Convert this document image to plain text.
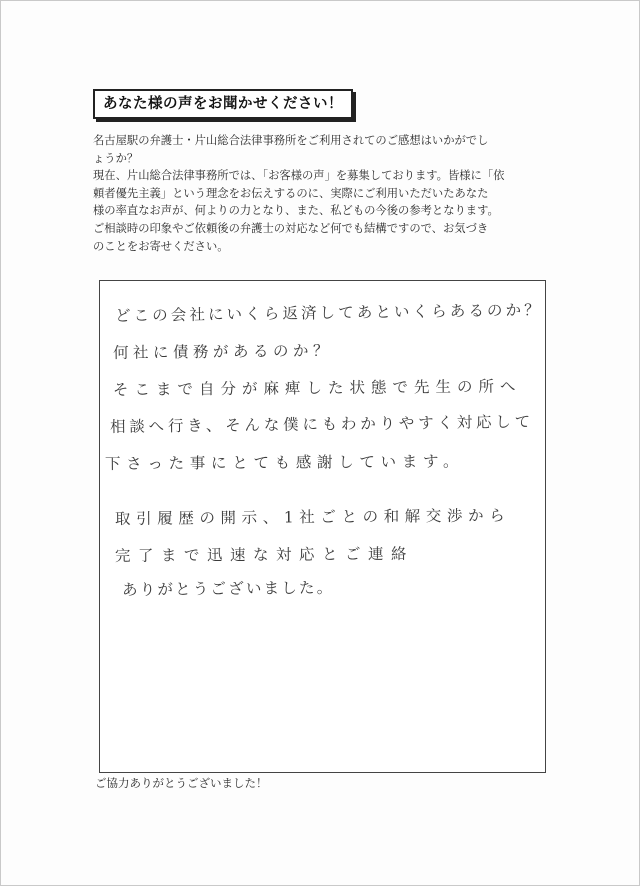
あなた様の声をお聞かせください！

名古屋駅の弁護士・片山総合法律事務所をご利用されてのご感想はいかがでし
ょうか？
現在、片山総合法律事務所では、「お客様の声」を募集しております。皆様に「依
頼者優先主義」という理念をお伝えするのに、実際にご利用いただいたあなた
様の率直なお声が、何よりの力となり、また、私どもの今後の参考となります。
ご相談時の印象やご依頼後の弁護士の対応など何でも結構ですので、お気づき
のことをお寄せください。

どこの会社にいくら返済してあといくらあるのか？
何社に債務があるのか？
そこまで自分が麻痺した状態で先生の所へ
相談へ行き、そんな僕にもわかりやすく対応して
下さった事にとても感謝しています。
取引履歴の開示、1社ごとの和解交渉から
完了まで迅速な対応とご連絡
ありがとうございました。
ご協力ありがとうございました！
